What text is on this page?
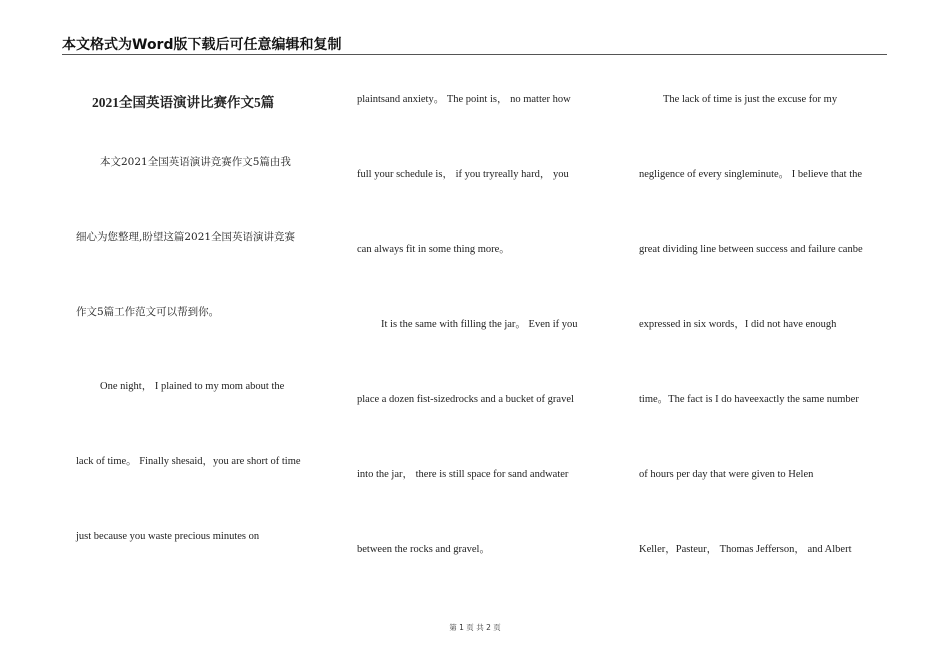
本文格式为Word版下载后可任意编辑和复制
2021全国英语演讲比赛作文5篇
本文2021全国英语演讲竞赛作文5篇由我
细心为您整理,盼望这篇2021全国英语演讲竞赛
作文5篇工作范文可以帮到你。
One night， I plained to my mom about the
lack of time。 Finally shesaid，you are short of time
just because you waste precious minutes on
plaintsand anxiety。 The point is， no matter how
full your schedule is， if you tryreally hard， you
can always fit in some thing more。
It is the same with filling the jar。 Even if you
place a dozen fist-sizedrocks and a bucket of gravel
into the jar， there is still space for sand andwater
between the rocks and gravel。
The lack of time is just the excuse for my
negligence of every singleminute。 I believe that the
great dividing line between success and failure canbe
expressed in six words，I did not have enough
time。The fact is I do haveexactly the same number
of hours per day that were given to Helen
Keller，Pasteur， Thomas Jefferson， and Albert
第 1 页 共 2 页
